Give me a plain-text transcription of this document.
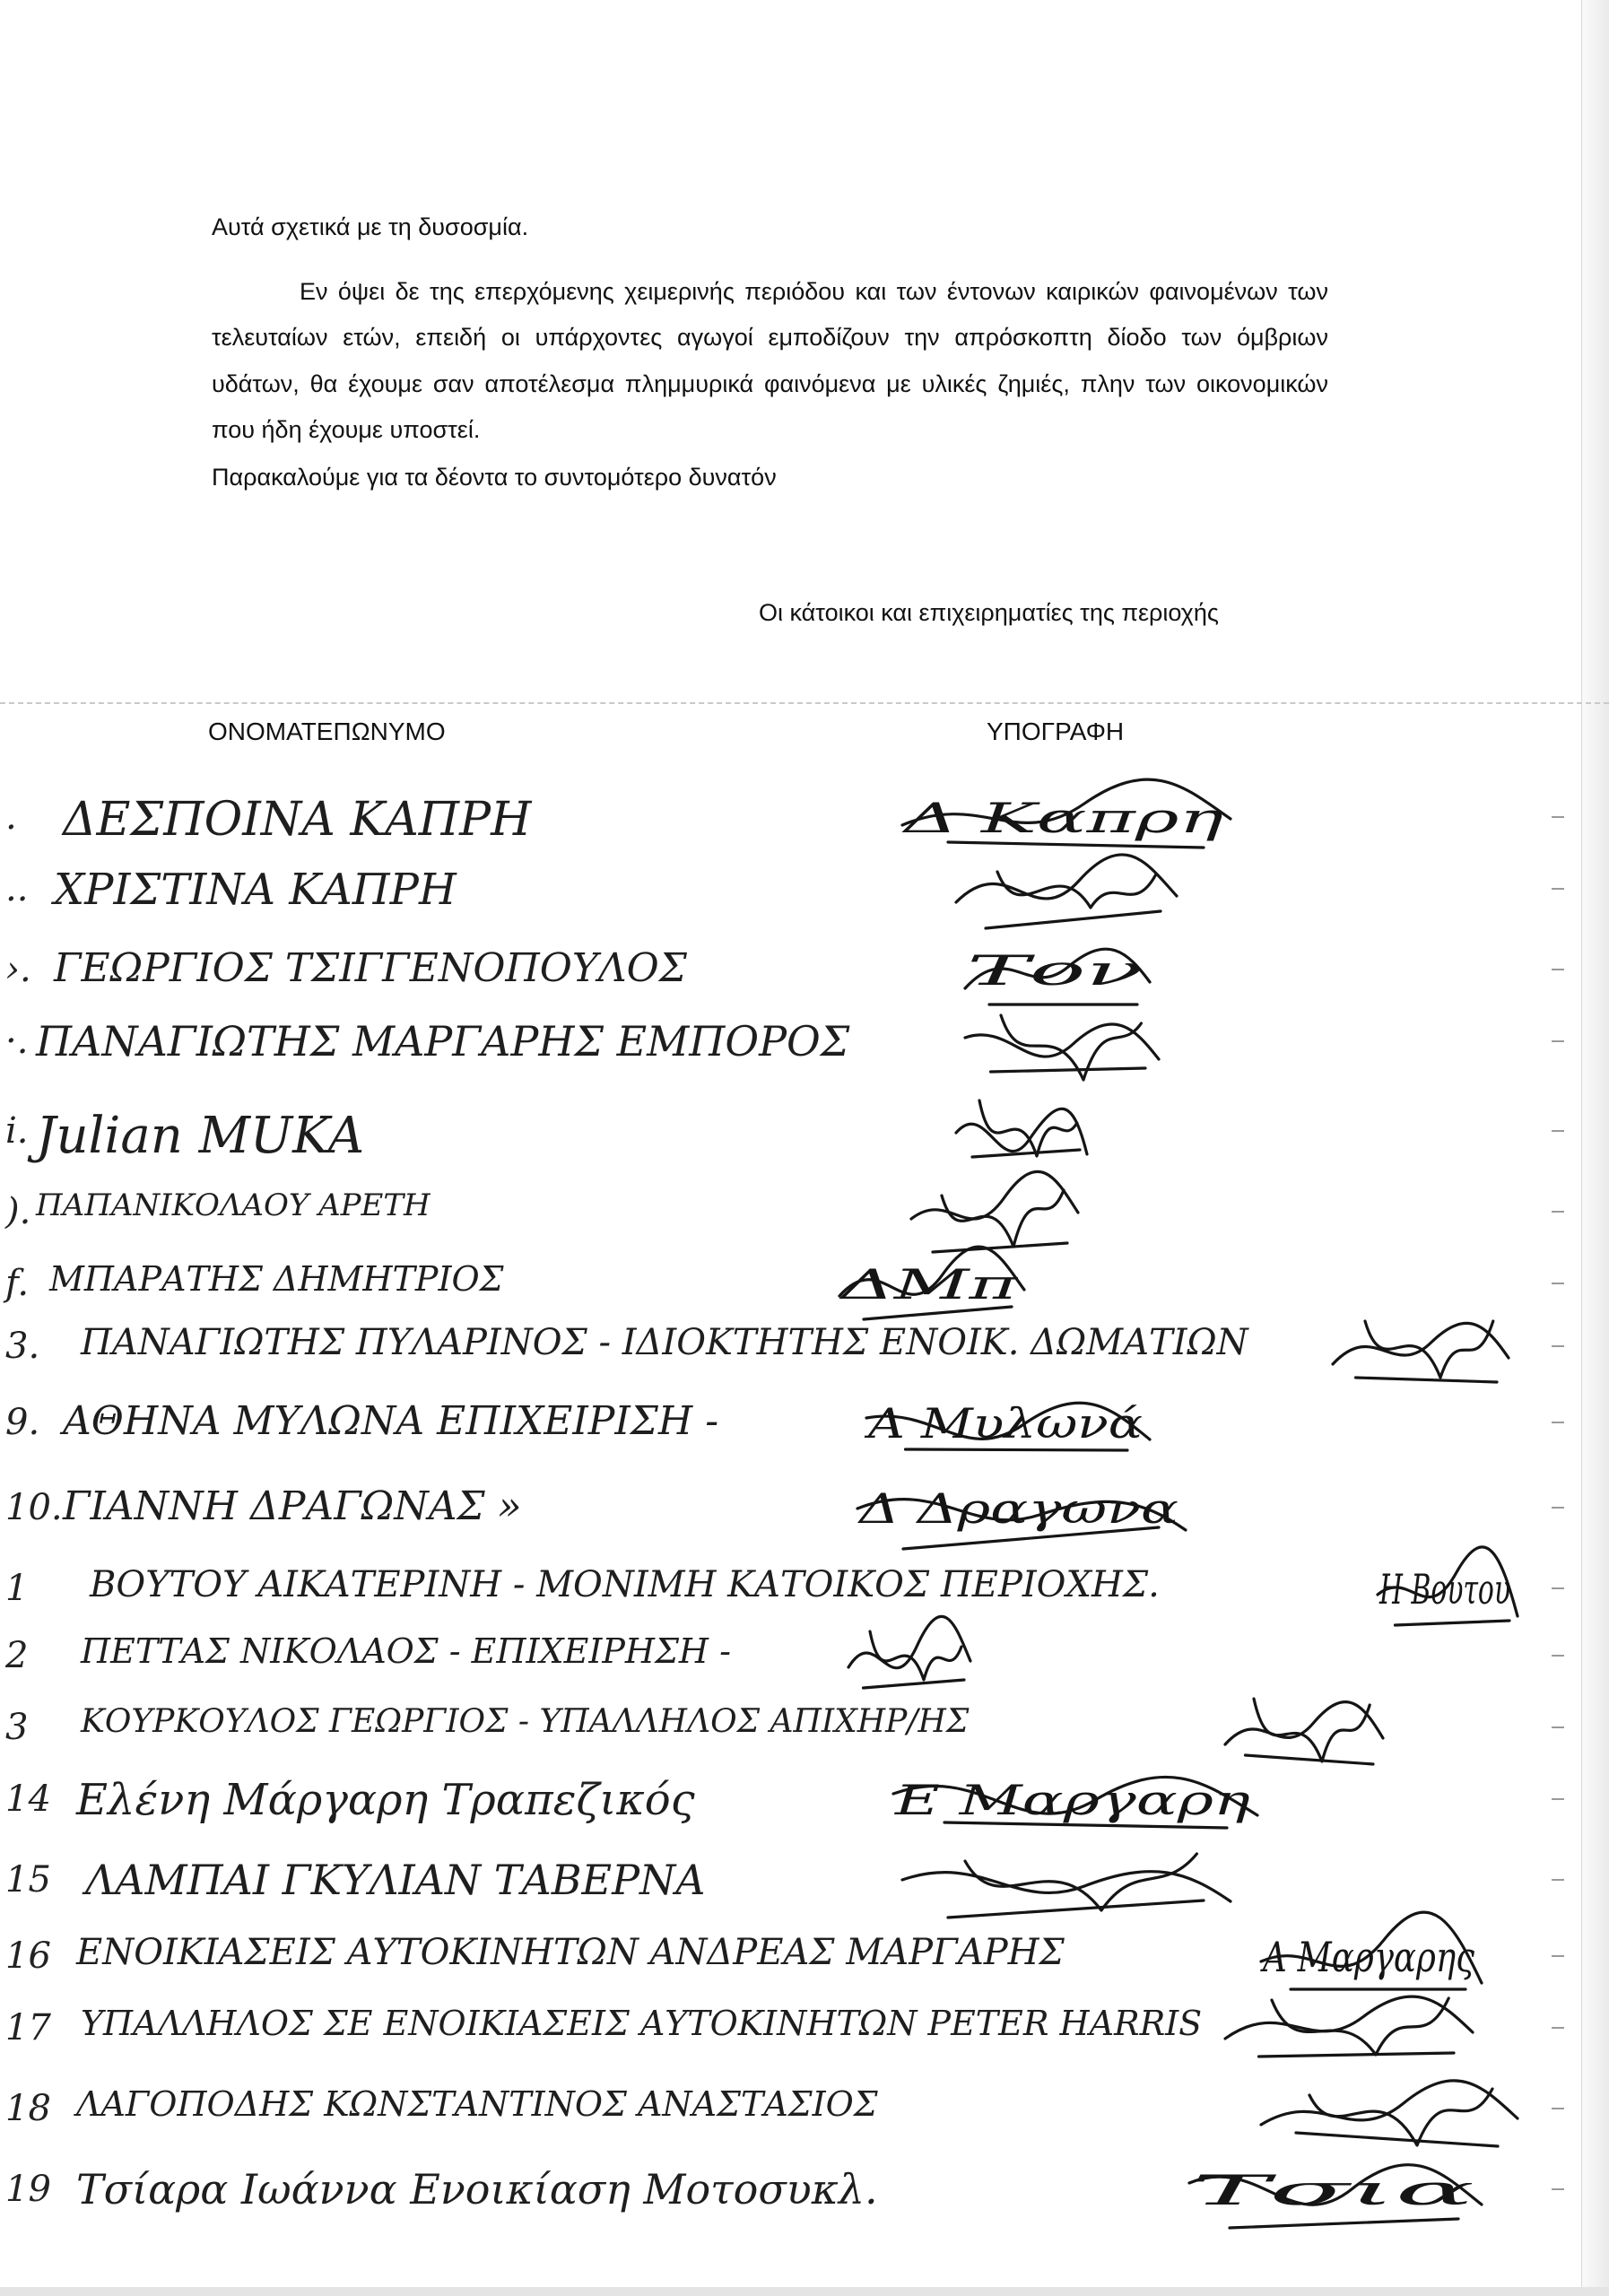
Αυτά σχετικά με τη δυσοσμία.
Εν όψει δε της επερχόμενης χειμερινής περιόδου και των έντονων καιρικών φαινομένων των τελευταίων ετών, επειδή οι υπάρχοντες αγωγοί εμποδίζουν την απρόσκοπτη δίοδο των όμβριων υδάτων, θα έχουμε σαν αποτέλεσμα πλημμυρικά φαινόμενα με υλικές ζημιές, πλην των οικονομικών που ήδη έχουμε υποστεί.
Παρακαλούμε για τα δέοντα το συντομότερο δυνατόν
Οι κάτοικοι και επιχειρηματίες της περιοχής
ΟΝΟΜΑΤΕΠΩΝΥΜΟ	ΥΠΟΓΡΑΦΗ
. ΔΕΣΠΟΙΝΑ ΚΑΠΡΗ	Δ Καπρη
.. ΧΡΙΣΤΙΝΑ ΚΑΠΡΗ
›. ΓΕΩΡΓΙΟΣ ΤΣΙΓΓΕΝΟΠΟΥΛΟΣ	Τον
·. ΠΑΝΑΓΙΩΤΗΣ ΜΑΡΓΑΡΗΣ ΕΜΠΟΡΟΣ
i. Julian ΜUKA
). ΠΑΠΑΝΙΚΟΛΑΟΥ ΑΡΕΤΗ
f. ΜΠΑΡΑΤΗΣ ΔΗΜΗΤΡΙΟΣ	ΔΜπ
3.	ΠΑΝΑΓΙΩΤΗΣ ΠΥΛΑΡΙΝΟΣ - ΙΔΙΟΚΤΗΤΗΣ ΕΝΟΙΚ. ΔΩΜΑΤΙΩΝ
9. ΑΘΗΝΑ ΜΥΛΩΝΑ ΕΠΙΧΕΙΡΙΣΗ -	Α Μυλωνά
10. ΓΙΑΝΝΗ ΔΡΑΓΩΝΑΣ »	Δ Δραγωνα
1	ΒΟΥΤΟΥ ΑΙΚΑΤΕΡΙΝΗ - ΜΟΝΙΜΗ ΚΑΤΟΙΚΟΣ ΠΕΡΙΟΧΗΣ.	Η Βουτου
2	ΠΕΤΤΑΣ ΝΙΚΟΛΑΟΣ - ΕΠΙΧΕΙΡΗΣΗ -
3	ΚΟΥΡΚΟΥΛΟΣ ΓΕΩΡΓΙΟΣ - ΥΠΑΛΛΗΛΟΣ ΑΠΙΧΗΡ/ΗΣ
14 Ελένη Μάργαρη Τραπεζικός	Ε Μαργαρη
15 ΛΑΜΠΑΙ ΓΚΥΛΙΑΝ ΤΑΒΕΡΝΑ
16 ΕΝΟΙΚΙΑΣΕΙΣ ΑΥΤΟΚΙΝΗΤΩΝ ΑΝΔΡΕΑΣ ΜΑΡΓΑΡΗΣ	Α Μαργαρης
17 ΥΠΑΛΛΗΛΟΣ ΣΕ ΕΝΟΙΚΙΑΣΕΙΣ ΑΥΤΟΚΙΝΗΤΩΝ PETER HARRIS
18 ΛΑΓΟΠΟΔΗΣ ΚΩΝΣΤΑΝΤΙΝΟΣ ΑΝΑΣΤΑΣΙΟΣ
19 Τσίαρα Ιωάννα Ενοικίαση Μοτοσυκλ.	Τσια
